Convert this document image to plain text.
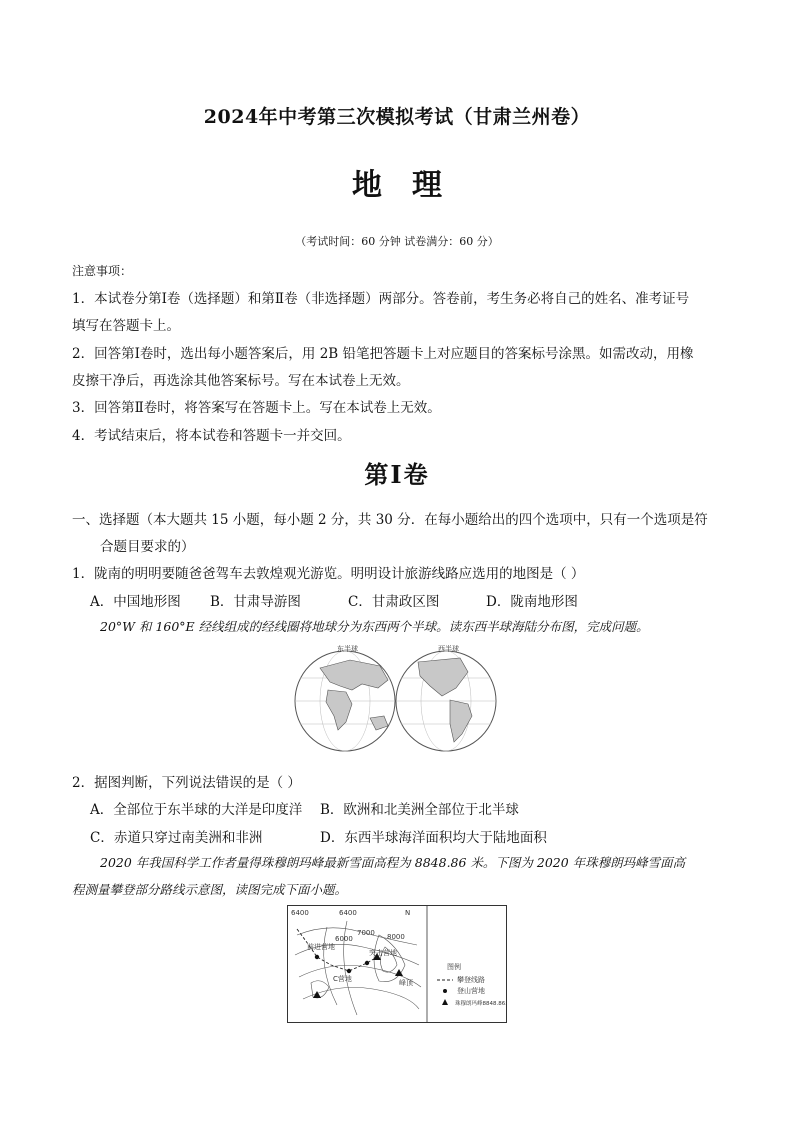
2024年中考第三次模拟考试（甘肃兰州卷）
地理
（考试时间：60 分钟 试卷满分：60 分）
注意事项：
1．本试卷分第Ⅰ卷（选择题）和第Ⅱ卷（非选择题）两部分。答卷前，考生务必将自己的姓名、准考证号
填写在答题卡上。
2．回答第Ⅰ卷时，选出每小题答案后，用 2B 铅笔把答题卡上对应题目的答案标号涂黑。如需改动，用橡
皮擦干净后，再选涂其他答案标号。写在本试卷上无效。
3．回答第Ⅱ卷时，将答案写在答题卡上。写在本试卷上无效。
4．考试结束后，将本试卷和答题卡一并交回。
第Ⅰ卷
一、选择题（本大题共 15 小题，每小题 2 分，共 30 分．在每小题给出的四个选项中，只有一个选项是符
合题目要求的）
1．陇南的明明要随爸爸驾车去敦煌观光游览。明明设计旅游线路应选用的地图是（ ）
A．中国地形图 B．甘肃导游图	C．甘肃政区图	D．陇南地形图
20°W 和 160°E 经线组成的经线圈将地球分为东西两个半球。读东西半球海陆分布图，完成问题。
东半球	西半球
2．据图判断，下列说法错误的是（ ）
A．全部位于东半球的大洋是印度洋 B．欧洲和北美洲全部位于北半球
C．赤道只穿过南美洲和非洲	D．东西半球海洋面积均大于陆地面积
2020 年我国科学工作者量得珠穆朗玛峰最新雪面高程为 8848.86 米。下图为 2020 年珠穆朗玛峰雪面高
程测量攀登部分路线示意图，读图完成下面小题。
6400	6400	N
6000
7000 8000
前进营地
C营地
突击营地
峰顶
图例
攀登线路
登山营地
珠穆朗玛峰8848.86米
